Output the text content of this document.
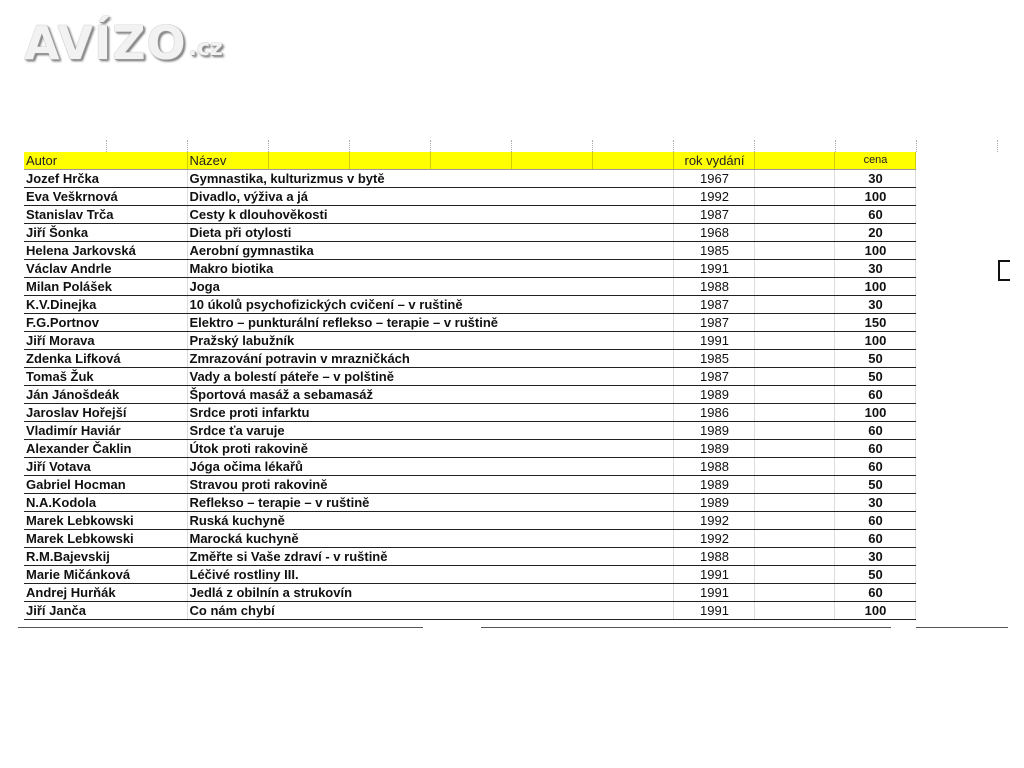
AVÍZO .cz
Autor	Název						rok vydání		cena	
Jozef Hrčka	Gymnastika, kulturizmus v bytě						1967		30	
Eva Veškrnová	Divadlo, výživa a já						1992		100	
Stanislav Trča	Cesty k dlouhověkosti						1987		60	
Jiří Šonka	Dieta při otylosti						1968		20	
Helena Jarkovská	Aerobní gymnastika						1985		100	
Václav Andrle	Makro biotika						1991		30	
Milan Polášek	Joga						1988		100	
K.V.Dinejka	10 úkolů psychofizických cvičení – v ruštině						1987		30	
F.G.Portnov	Elektro – punkturální reflekso – terapie – v ruštině						1987		150	
Jiří Morava	Pražský labužník						1991		100	
Zdenka Lifková	Zmrazování potravin v mrazničkách						1985		50	
Tomaš Žuk	Vady a bolestí páteře – v polštině						1987		50	
Ján Jánošdeák	Športová masáž a sebamasáž						1989		60	
Jaroslav Hořejší	Srdce proti infarktu						1986		100	
Vladimír Haviár	Srdce ťa varuje						1989		60	
Alexander Čaklin	Útok proti rakovině						1989		60	
Jiří Votava	Jóga očima lékařů						1988		60	
Gabriel Hocman	Stravou proti rakovině						1989		50	
N.A.Kodola	Reflekso – terapie – v ruštině						1989		30	
Marek Lebkowski	Ruská kuchyně						1992		60	
Marek Lebkowski	Marocká kuchyně						1992		60	
R.M.Bajevskij	Změřte si Vaše zdraví - v ruštině						1988		30	
Marie Mičánková	Léčivé rostliny III.						1991		50	
Andrej Hurňák	Jedlá z obilnín a strukovín						1991		60	
Jiří Janča	Co nám chybí						1991		100	
